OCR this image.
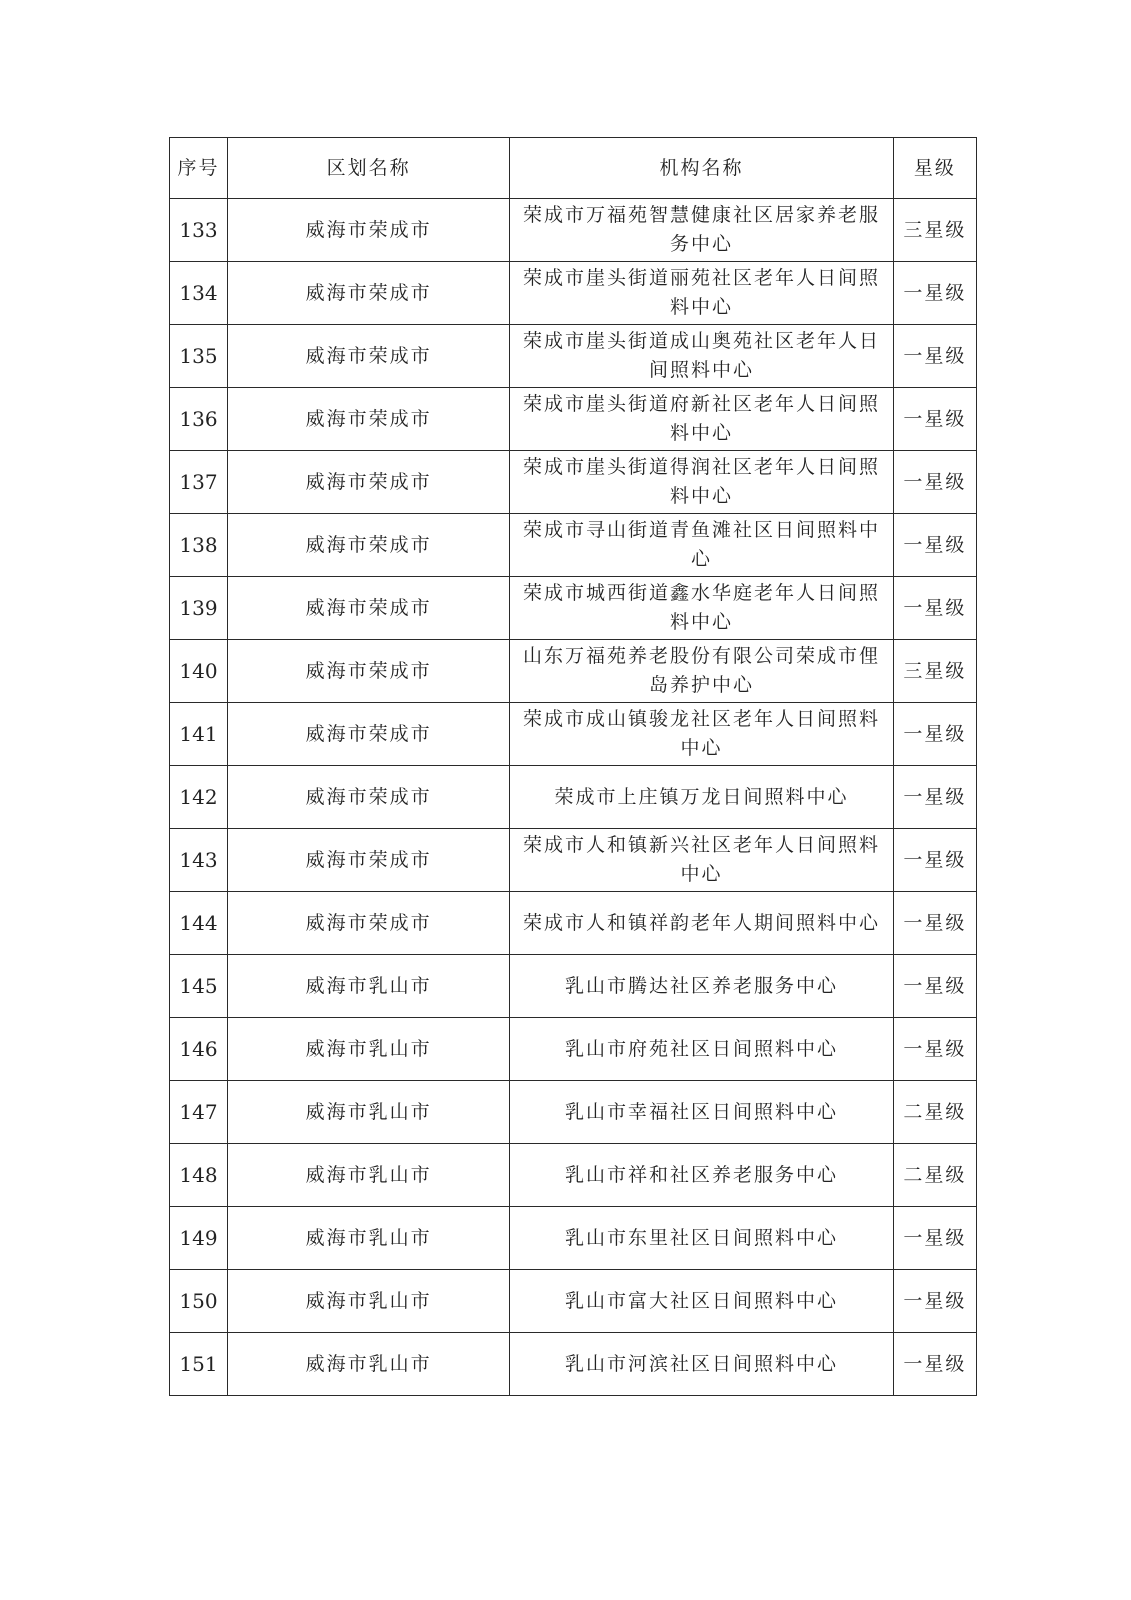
序号	区划名称	机构名称	星级
133	威海市荣成市	荣成市万福苑智慧健康社区居家养老服务中心	三星级
134	威海市荣成市	荣成市崖头街道丽苑社区老年人日间照料中心	一星级
135	威海市荣成市	荣成市崖头街道成山奥苑社区老年人日间照料中心	一星级
136	威海市荣成市	荣成市崖头街道府新社区老年人日间照料中心	一星级
137	威海市荣成市	荣成市崖头街道得润社区老年人日间照料中心	一星级
138	威海市荣成市	荣成市寻山街道青鱼滩社区日间照料中心	一星级
139	威海市荣成市	荣成市城西街道鑫水华庭老年人日间照料中心	一星级
140	威海市荣成市	山东万福苑养老股份有限公司荣成市俚岛养护中心	三星级
141	威海市荣成市	荣成市成山镇骏龙社区老年人日间照料中心	一星级
142	威海市荣成市	荣成市上庄镇万龙日间照料中心	一星级
143	威海市荣成市	荣成市人和镇新兴社区老年人日间照料中心	一星级
144	威海市荣成市	荣成市人和镇祥韵老年人期间照料中心	一星级
145	威海市乳山市	乳山市腾达社区养老服务中心	一星级
146	威海市乳山市	乳山市府苑社区日间照料中心	一星级
147	威海市乳山市	乳山市幸福社区日间照料中心	二星级
148	威海市乳山市	乳山市祥和社区养老服务中心	二星级
149	威海市乳山市	乳山市东里社区日间照料中心	一星级
150	威海市乳山市	乳山市富大社区日间照料中心	一星级
151	威海市乳山市	乳山市河滨社区日间照料中心	一星级
